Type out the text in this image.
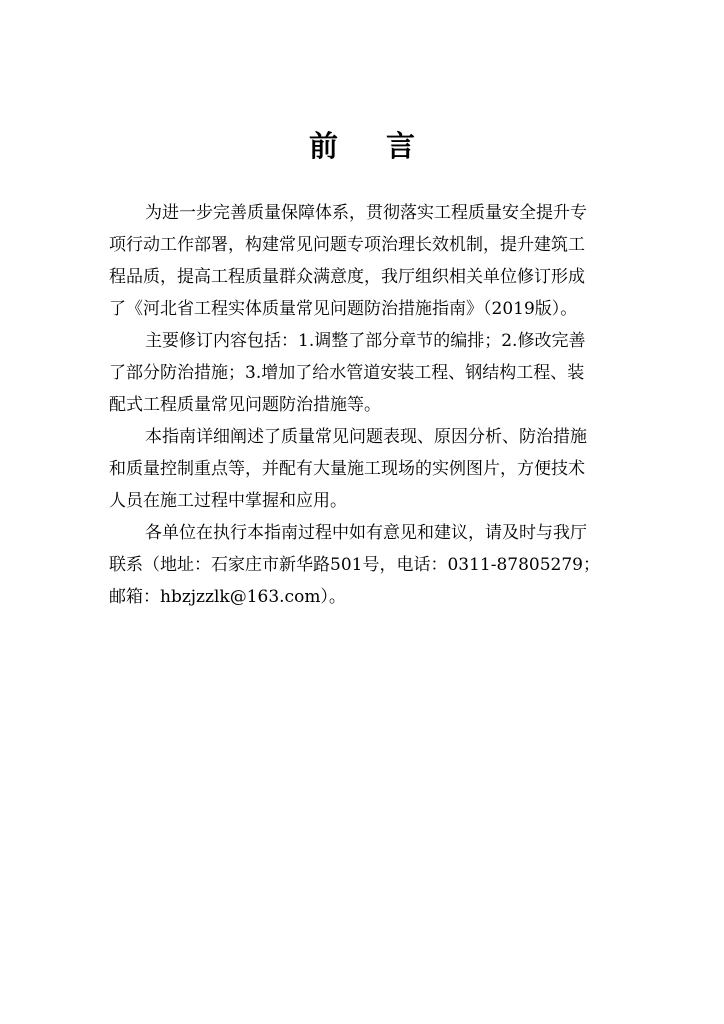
前言

为进一步完善质量保障体系，贯彻落实工程质量安全提升专
项行动工作部署，构建常见问题专项治理长效机制，提升建筑工
程品质，提高工程质量群众满意度，我厅组织相关单位修订形成
了《河北省工程实体质量常见问题防治措施指南》（2019版）。

主要修订内容包括：1.调整了部分章节的编排；2.修改完善
了部分防治措施；3.增加了给水管道安装工程、钢结构工程、装
配式工程质量常见问题防治措施等。

本指南详细阐述了质量常见问题表现、原因分析、防治措施
和质量控制重点等，并配有大量施工现场的实例图片，方便技术
人员在施工过程中掌握和应用。

各单位在执行本指南过程中如有意见和建议，请及时与我厅
联系（地址：石家庄市新华路501号，电话：0311-87805279；
邮箱：hbzjzzlk@163.com）。
